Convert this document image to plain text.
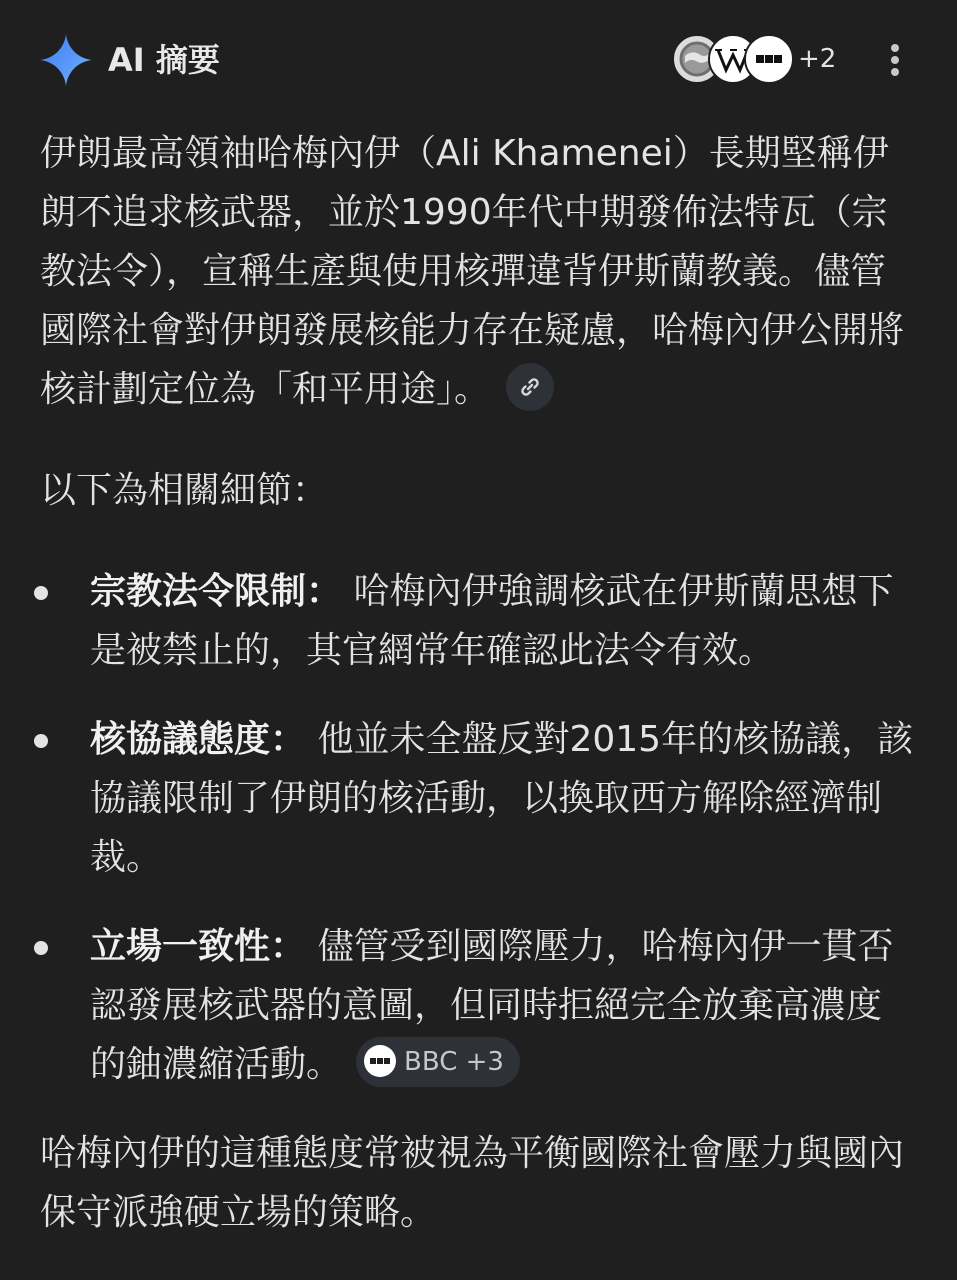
AI 摘要	+2

伊朗最高領袖哈梅內伊（Ali Khamenei）長期堅稱伊朗不追求核武器，並於1990年代中期發佈法特瓦（宗教法令），宣稱生產與使用核彈違背伊斯蘭教義。儘管國際社會對伊朗發展核能力存在疑慮，哈梅內伊公開將核計劃定位為「和平用途」。

以下為相關細節：

宗教法令限制： 哈梅內伊強調核武在伊斯蘭思想下是被禁止的，其官網常年確認此法令有效。
核協議態度： 他並未全盤反對2015年的核協議，該協議限制了伊朗的核活動，以換取西方解除經濟制裁。
立場一致性： 儘管受到國際壓力，哈梅內伊一貫否認發展核武器的意圖，但同時拒絕完全放棄高濃度的鈾濃縮活動。 BBC +3

哈梅內伊的這種態度常被視為平衡國際社會壓力與國內保守派強硬立場的策略。
